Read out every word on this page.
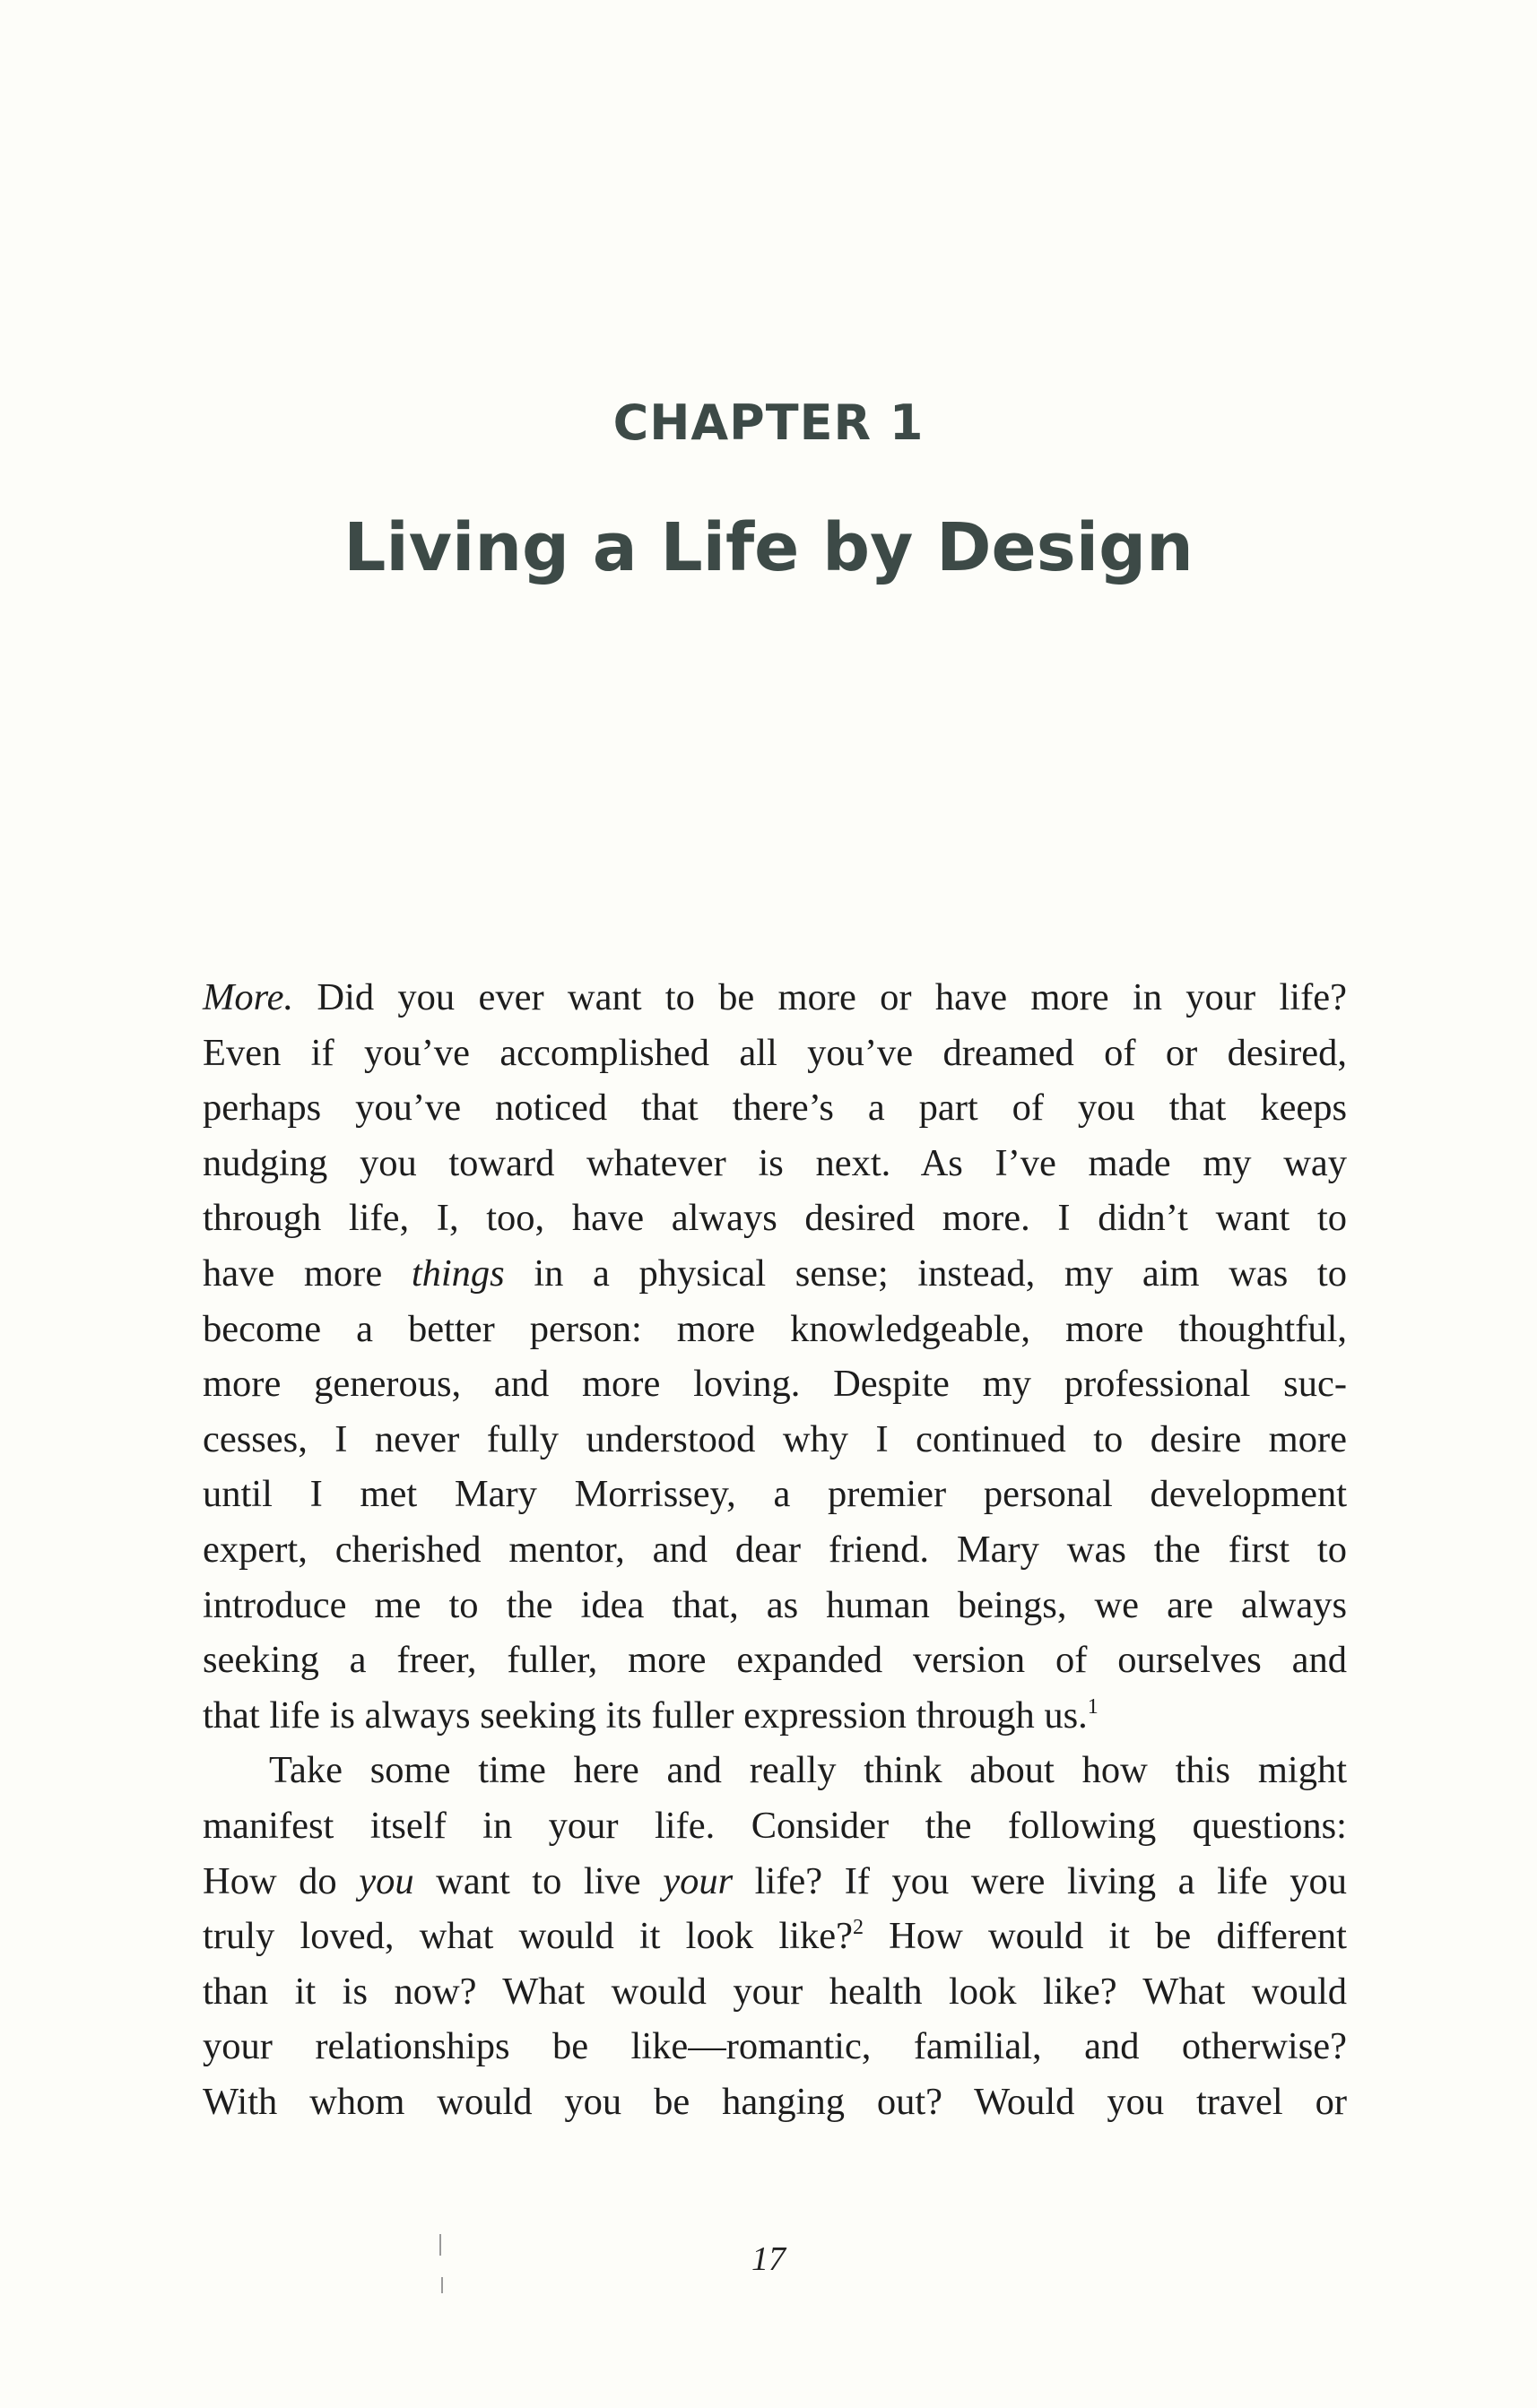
CHAPTER 1
Living a Life by Design

More. Did you ever want to be more or have more in your life?
Even if you’ve accomplished all you’ve dreamed of or desired,
perhaps you’ve noticed that there’s a part of you that keeps
nudging you toward whatever is next. As I’ve made my way
through life, I, too, have always desired more. I didn’t want to
have more things in a physical sense; instead, my aim was to
become a better person: more knowledgeable, more thoughtful,
more generous, and more loving. Despite my professional suc-
cesses, I never fully understood why I continued to desire more
until I met Mary Morrissey, a premier personal development
expert, cherished mentor, and dear friend. Mary was the first to
introduce me to the idea that, as human beings, we are always
seeking a freer, fuller, more expanded version of ourselves and
that life is always seeking its fuller expression through us.$^1$

Take some time here and really think about how this might
manifest itself in your life. Consider the following questions:
How do you want to live your life? If you were living a life you
truly loved, what would it look like?$^2$ How would it be different
than it is now? What would your health look like? What would
your relationships be like—romantic, familial, and otherwise?
With whom would you be hanging out? Would you travel or

17
